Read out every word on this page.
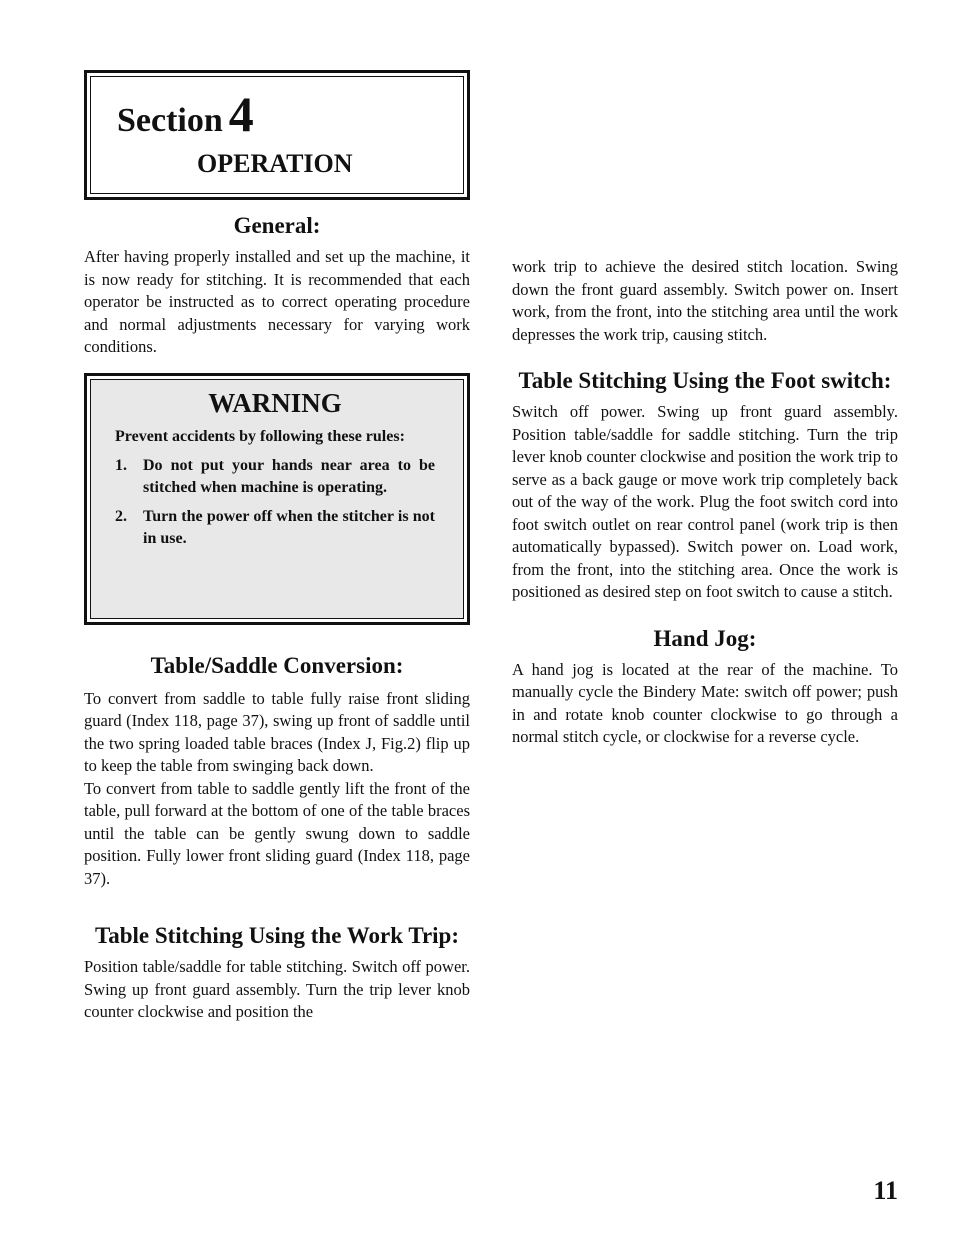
Section 4
OPERATION
General:

After having properly installed and set up the machine, it is now ready for stitching. It is recommended that each operator be instructed as to correct operating procedure and normal adjustments necessary for varying work conditions.

WARNING
Prevent accidents by following these rules:
1.	Do not put your hands near area to be stitched when machine is operating.
2.	Turn the power off when the stitcher is not in use.
Table/Saddle Conversion:

To convert from saddle to table fully raise front sliding guard (Index 118, page 37), swing up front of saddle until the two spring loaded table braces (Index J, Fig.2) flip up to keep the table from swinging back down.

To convert from table to saddle gently lift the front of the table, pull forward at the bottom of one of the table braces until the table can be gently swung down to saddle position. Fully lower front sliding guard (Index 118, page 37).

Table Stitching Using the Work Trip:

Position table/saddle for table stitching. Switch off power. Swing up front guard assembly. Turn the trip lever knob counter clockwise and position the

work trip to achieve the desired stitch location. Swing down the front guard assembly. Switch power on. Insert work, from the front, into the stitching area until the work depresses the work trip, causing stitch.

Table Stitching Using the Foot switch:

Switch off power. Swing up front guard assembly. Position table/saddle for saddle stitching. Turn the trip lever knob counter clockwise and position the work trip to serve as a back gauge or move work trip completely back out of the way of the work. Plug the foot switch cord into foot switch outlet on rear control panel (work trip is then automatically bypassed). Switch power on. Load work, from the front, into the stitching area. Once the work is positioned as desired step on foot switch to cause a stitch.

Hand Jog:

A hand jog is located at the rear of the machine. To manually cycle the Bindery Mate: switch off power; push in and rotate knob counter clockwise to go through a normal stitch cycle, or clockwise for a reverse cycle.

11
